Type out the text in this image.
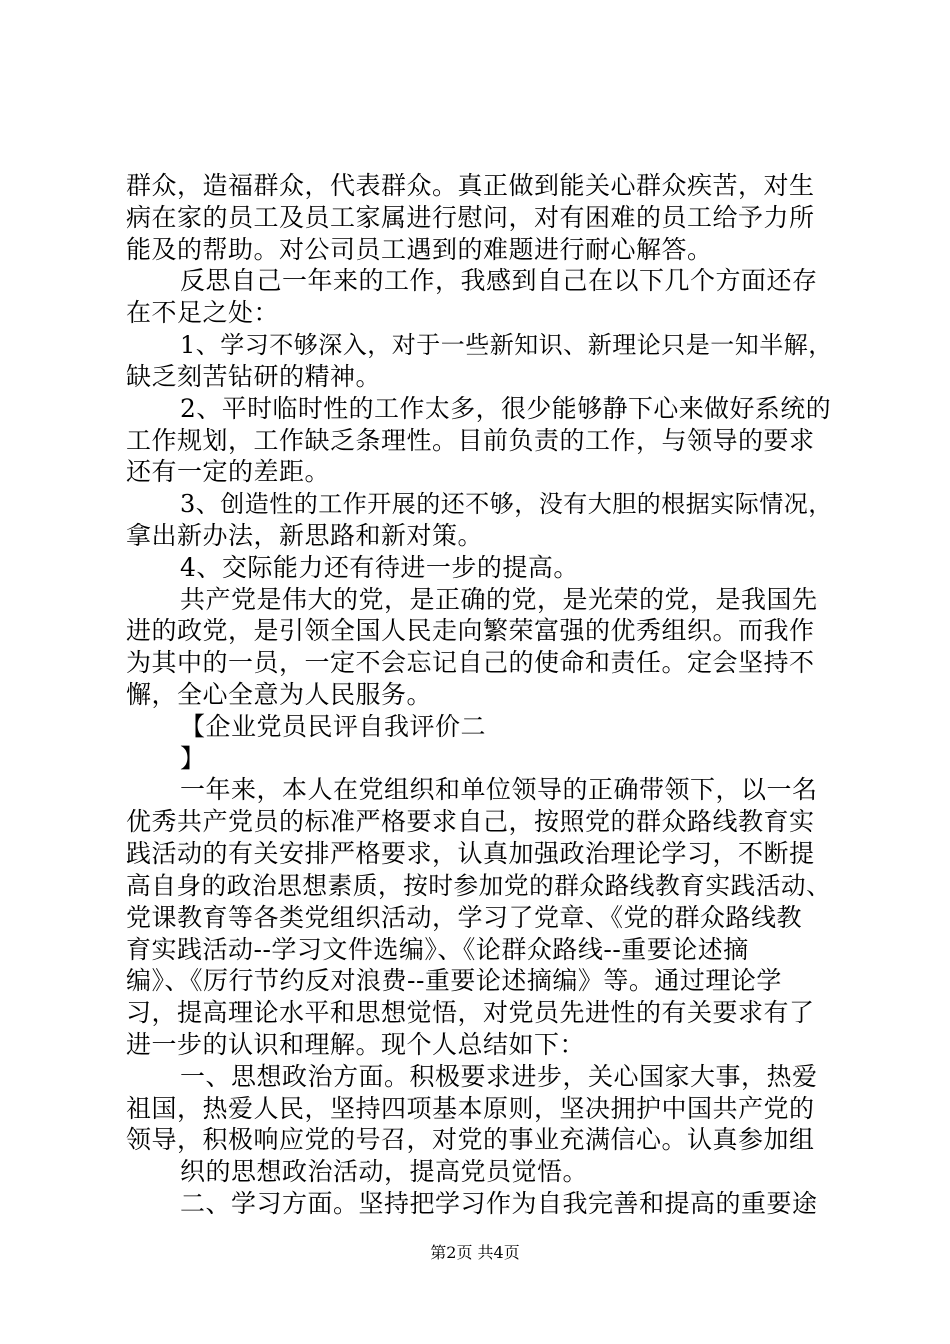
群众，造福群众，代表群众。真正做到能关心群众疾苦，对生
病在家的员工及员工家属进行慰问，对有困难的员工给予力所
能及的帮助。对公司员工遇到的难题进行耐心解答。
反思自己一年来的工作，我感到自己在以下几个方面还存
在不足之处：
1、学习不够深入，对于一些新知识、新理论只是一知半解，
缺乏刻苦钻研的精神。
2、平时临时性的工作太多，很少能够静下心来做好系统的
工作规划，工作缺乏条理性。目前负责的工作，与领导的要求
还有一定的差距。
3、创造性的工作开展的还不够，没有大胆的根据实际情况，
拿出新办法，新思路和新对策。
4、交际能力还有待进一步的提高。
共产党是伟大的党，是正确的党，是光荣的党，是我国先
进的政党，是引领全国人民走向繁荣富强的优秀组织。而我作
为其中的一员，一定不会忘记自己的使命和责任。定会坚持不
懈，全心全意为人民服务。
【企业党员民评自我评价二
】
一年来，本人在党组织和单位领导的正确带领下，以一名
优秀共产党员的标准严格要求自己，按照党的群众路线教育实
践活动的有关安排严格要求，认真加强政治理论学习，不断提
高自身的政治思想素质，按时参加党的群众路线教育实践活动、
党课教育等各类党组织活动，学习了党章、《党的群众路线教
育实践活动--学习文件选编》、《论群众路线--重要论述摘
编》、《厉行节约反对浪费--重要论述摘编》等。通过理论学
习，提高理论水平和思想觉悟，对党员先进性的有关要求有了
进一步的认识和理解。现个人总结如下：
一、思想政治方面。积极要求进步，关心国家大事，热爱
祖国，热爱人民，坚持四项基本原则，坚决拥护中国共产党的
领导，积极响应党的号召，对党的事业充满信心。认真参加组
第2页 共4页
织的思想政治活动，提高党员觉悟。
二、学习方面。坚持把学习作为自我完善和提高的重要途
